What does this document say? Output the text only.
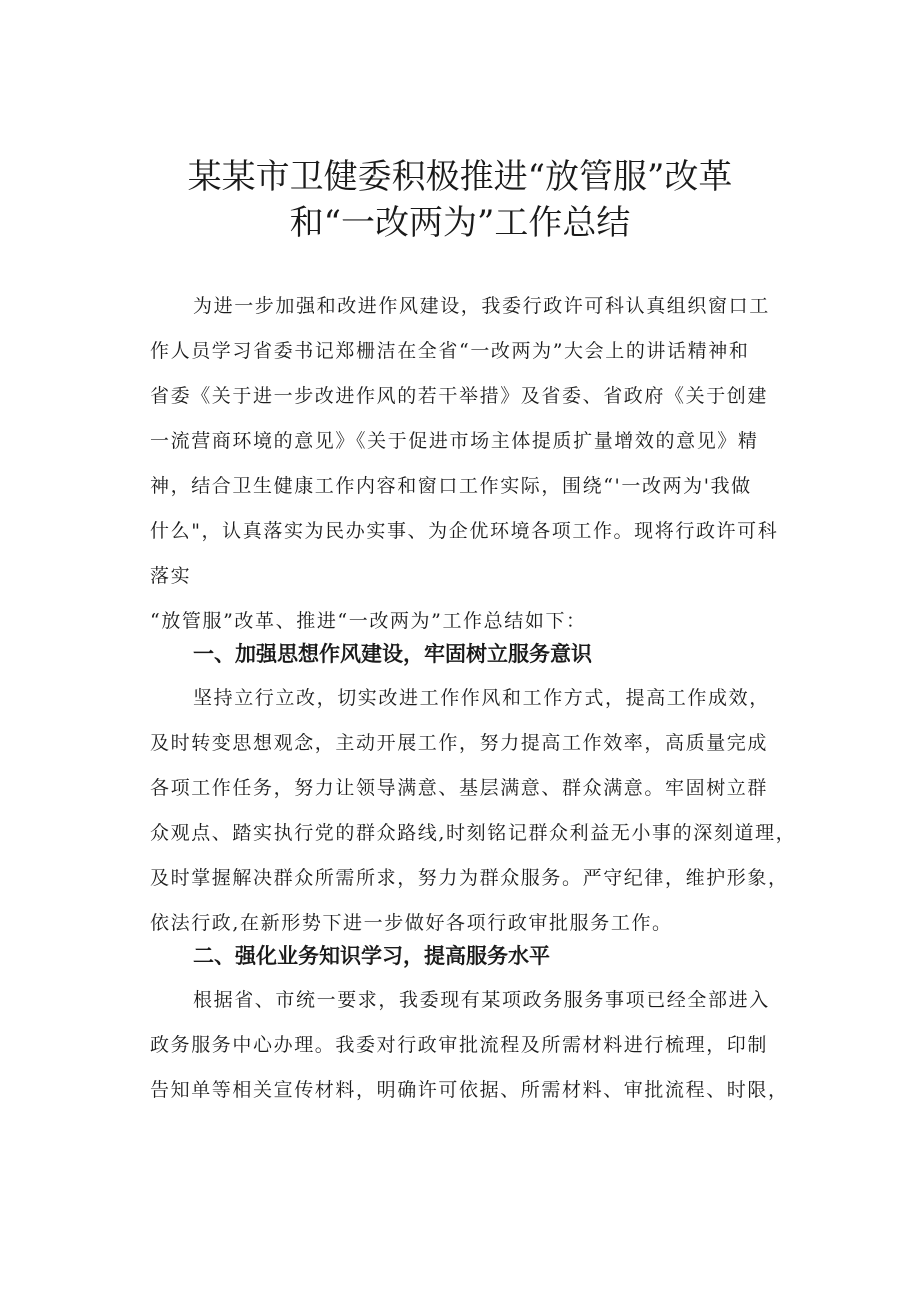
某某市卫健委积极推进“放管服”改革
和“一改两为”工作总结
为进一步加强和改进作风建设，我委行政许可科认真组织窗口工
作人员学习省委书记郑栅洁在全省“一改两为”大会上的讲话精神和
省委《关于进一步改进作风的若干举措》及省委、省政府《关于创建
一流营商环境的意见》《关于促进市场主体提质扩量增效的意见》精
神，结合卫生健康工作内容和窗口工作实际，围绕“'一改两为'我做
什么"，认真落实为民办实事、为企优环境各项工作。现将行政许可科
落实
“放管服”改革、推进“一改两为”工作总结如下：
一、加强思想作风建设，牢固树立服务意识
坚持立行立改，切实改进工作作风和工作方式，提高工作成效，
及时转变思想观念，主动开展工作，努力提高工作效率，高质量完成
各项工作任务，努力让领导满意、基层满意、群众满意。牢固树立群
众观点、踏实执行党的群众路线,时刻铭记群众利益无小事的深刻道理，
及时掌握解决群众所需所求，努力为群众服务。严守纪律，维护形象，
依法行政,在新形势下进一步做好各项行政审批服务工作。
二、强化业务知识学习，提高服务水平
根据省、市统一要求，我委现有某项政务服务事项已经全部进入
政务服务中心办理。我委对行政审批流程及所需材料进行梳理，印制
告知单等相关宣传材料，明确许可依据、所需材料、审批流程、时限，
